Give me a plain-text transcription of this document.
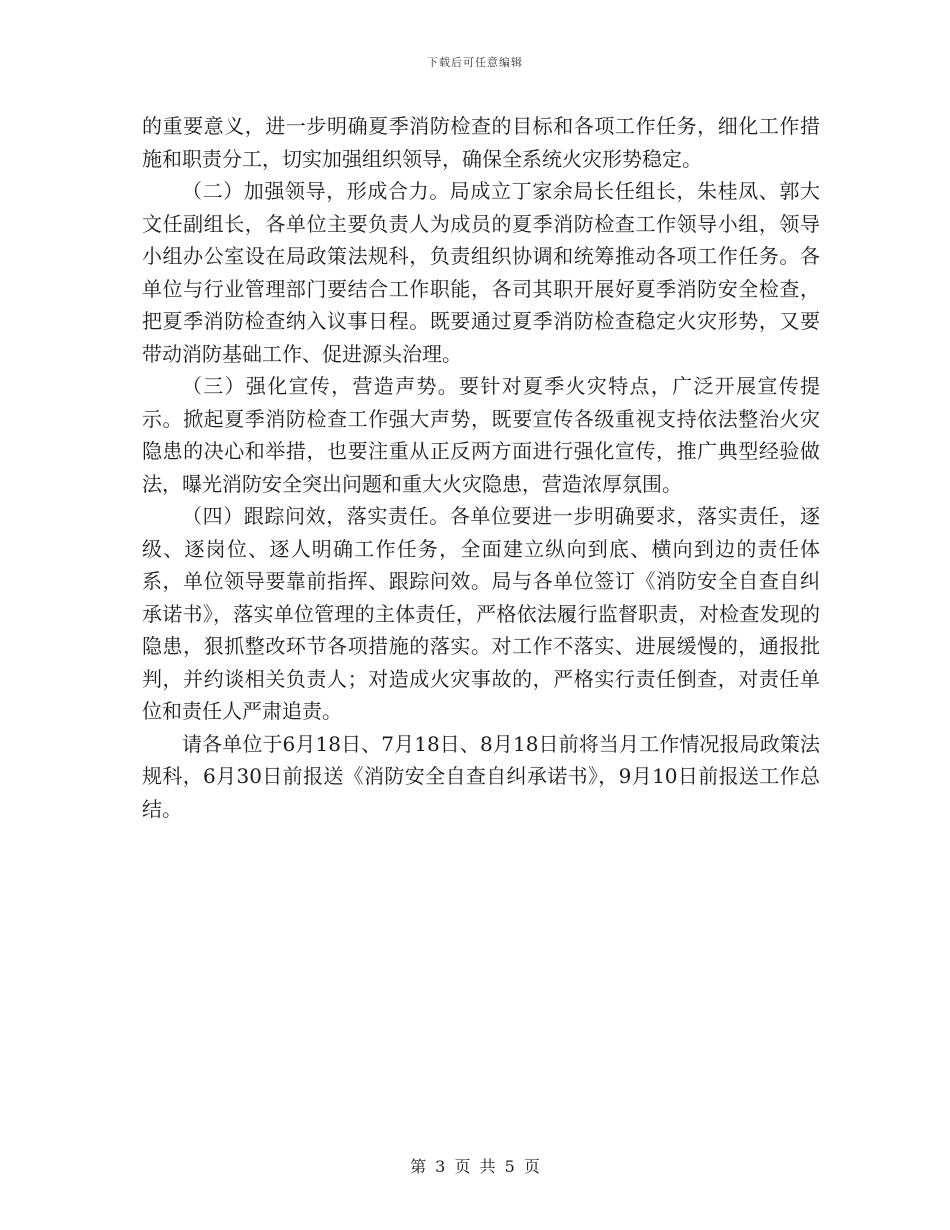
下载后可任意编辑

的重要意义，进一步明确夏季消防检查的目标和各项工作任务，细化工作措施和职责分工，切实加强组织领导，确保全系统火灾形势稳定。

（二）加强领导，形成合力。局成立丁家余局长任组长，朱桂凤、郭大文任副组长，各单位主要负责人为成员的夏季消防检查工作领导小组，领导小组办公室设在局政策法规科，负责组织协调和统筹推动各项工作任务。各单位与行业管理部门要结合工作职能，各司其职开展好夏季消防安全检查，把夏季消防检查纳入议事日程。既要通过夏季消防检查稳定火灾形势，又要带动消防基础工作、促进源头治理。

（三）强化宣传，营造声势。要针对夏季火灾特点，广泛开展宣传提示。掀起夏季消防检查工作强大声势，既要宣传各级重视支持依法整治火灾隐患的决心和举措，也要注重从正反两方面进行强化宣传，推广典型经验做法，曝光消防安全突出问题和重大火灾隐患，营造浓厚氛围。

（四）跟踪问效，落实责任。各单位要进一步明确要求，落实责任，逐级、逐岗位、逐人明确工作任务，全面建立纵向到底、横向到边的责任体系，单位领导要靠前指挥、跟踪问效。局与各单位签订《消防安全自查自纠承诺书》，落实单位管理的主体责任，严格依法履行监督职责，对检查发现的隐患，狠抓整改环节各项措施的落实。对工作不落实、进展缓慢的，通报批判，并约谈相关负责人；对造成火灾事故的，严格实行责任倒查，对责任单位和责任人严肃追责。

请各单位于6月18日、7月18日、8月18日前将当月工作情况报局政策法规科，6月30日前报送《消防安全自查自纠承诺书》，9月10日前报送工作总结。

第 3 页 共 5 页
